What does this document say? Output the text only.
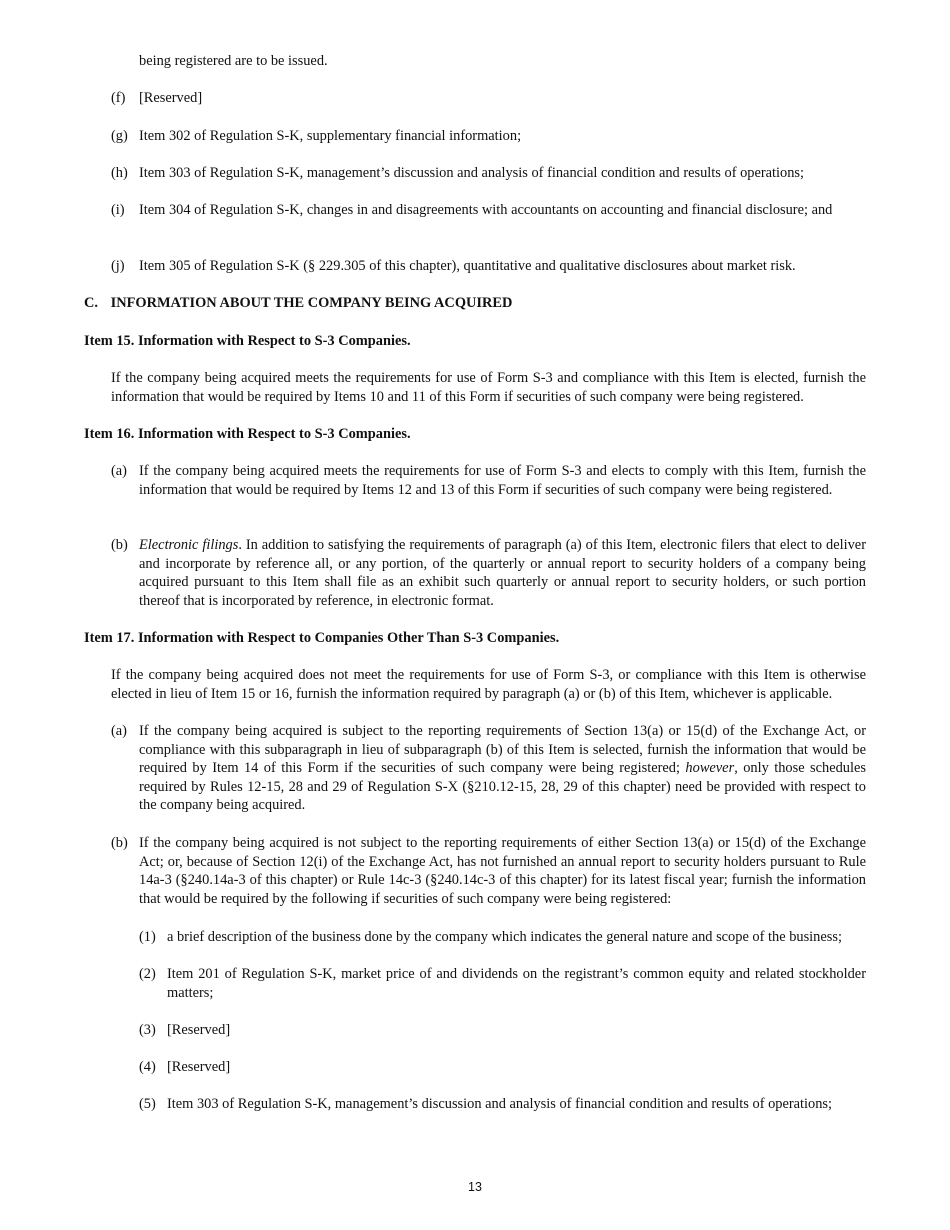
being registered are to be issued.
(f) [Reserved]
(g) Item 302 of Regulation S-K, supplementary financial information;
(h) Item 303 of Regulation S-K, management’s discussion and analysis of financial condition and results of operations;
(i) Item 304 of Regulation S-K, changes in and disagreements with accountants on accounting and financial disclosure; and
(j) Item 305 of Regulation S-K (§ 229.305 of this chapter), quantitative and qualitative disclosures about market risk.
C. INFORMATION ABOUT THE COMPANY BEING ACQUIRED
Item 15. Information with Respect to S-3 Companies.
If the company being acquired meets the requirements for use of Form S-3 and compliance with this Item is elected, furnish the information that would be required by Items 10 and 11 of this Form if securities of such company were being registered.
Item 16. Information with Respect to S-3 Companies.
(a) If the company being acquired meets the requirements for use of Form S-3 and elects to comply with this Item, furnish the information that would be required by Items 12 and 13 of this Form if securities of such company were being registered.
(b) Electronic filings. In addition to satisfying the requirements of paragraph (a) of this Item, electronic filers that elect to deliver and incorporate by reference all, or any portion, of the quarterly or annual report to security holders of a company being acquired pursuant to this Item shall file as an exhibit such quarterly or annual report to security holders, or such portion thereof that is incorporated by reference, in electronic format.
Item 17. Information with Respect to Companies Other Than S-3 Companies.
If the company being acquired does not meet the requirements for use of Form S-3, or compliance with this Item is otherwise elected in lieu of Item 15 or 16, furnish the information required by paragraph (a) or (b) of this Item, whichever is applicable.
(a) If the company being acquired is subject to the reporting requirements of Section 13(a) or 15(d) of the Exchange Act, or compliance with this subparagraph in lieu of subparagraph (b) of this Item is selected, furnish the information that would be required by Item 14 of this Form if the securities of such company were being registered; however, only those schedules required by Rules 12-15, 28 and 29 of Regulation S-X (§210.12-15, 28, 29 of this chapter) need be provided with respect to the company being acquired.
(b) If the company being acquired is not subject to the reporting requirements of either Section 13(a) or 15(d) of the Exchange Act; or, because of Section 12(i) of the Exchange Act, has not furnished an annual report to security holders pursuant to Rule 14a-3 (§240.14a-3 of this chapter) or Rule 14c-3 (§240.14c-3 of this chapter) for its latest fiscal year; furnish the information that would be required by the following if securities of such company were being registered:
(1) a brief description of the business done by the company which indicates the general nature and scope of the business;
(2) Item 201 of Regulation S-K, market price of and dividends on the registrant’s common equity and related stockholder matters;
(3) [Reserved]
(4) [Reserved]
(5) Item 303 of Regulation S-K, management’s discussion and analysis of financial condition and results of operations;
13
